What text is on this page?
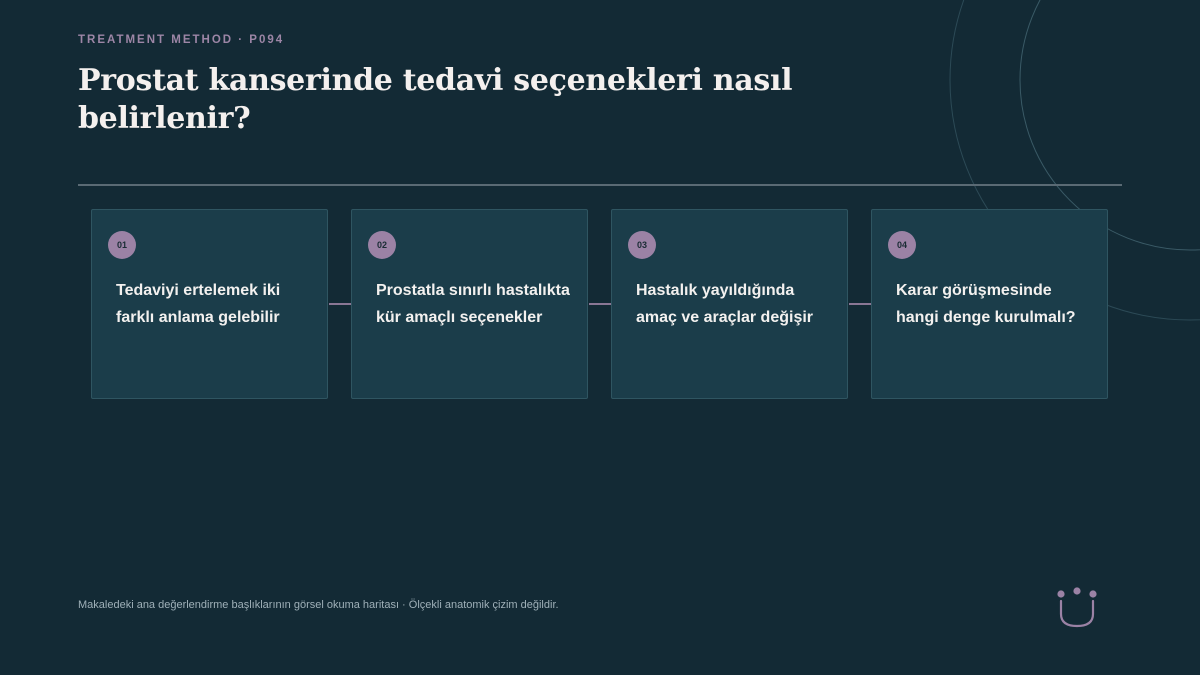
TREATMENT METHOD · P094
Prostat kanserinde tedavi seçenekleri nasıl belirlenir?
01

Tedaviyi ertelemek iki farklı anlama gelebilir

02

Prostatla sınırlı hastalıkta kür amaçlı seçenekler

03

Hastalık yayıldığında amaç ve araçlar değişir

04

Karar görüşmesinde hangi denge kurulmalı?

Makaledeki ana değerlendirme başlıklarının görsel okuma haritası · Ölçekli anatomik çizim değildir.
